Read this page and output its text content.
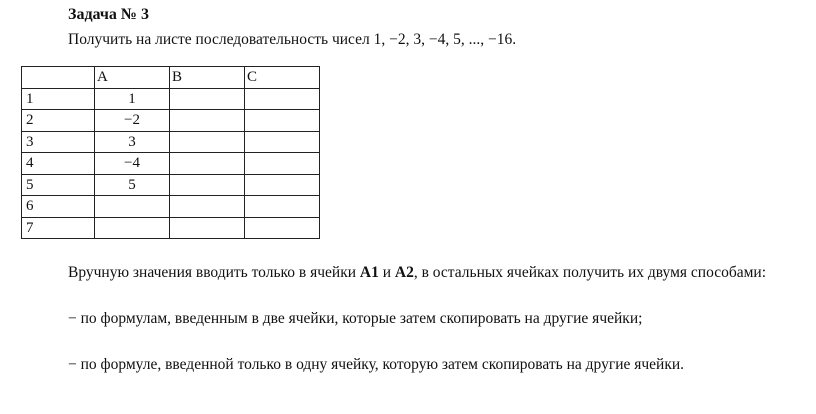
Задача № 3
Получить на листе последовательность чисел 1, −2, 3, −4, 5, ..., −16.
	A	B	C
1	1		
2	−2		
3	3		
4	−4		
5	5		
6			
7			
Вручную значения вводить только в ячейки A1 и A2, в остальных ячейках получить их двумя способами:
− по формулам, введенным в две ячейки, которые затем скопировать на другие ячейки;
− по формуле, введенной только в одну ячейку, которую затем скопировать на другие ячейки.
